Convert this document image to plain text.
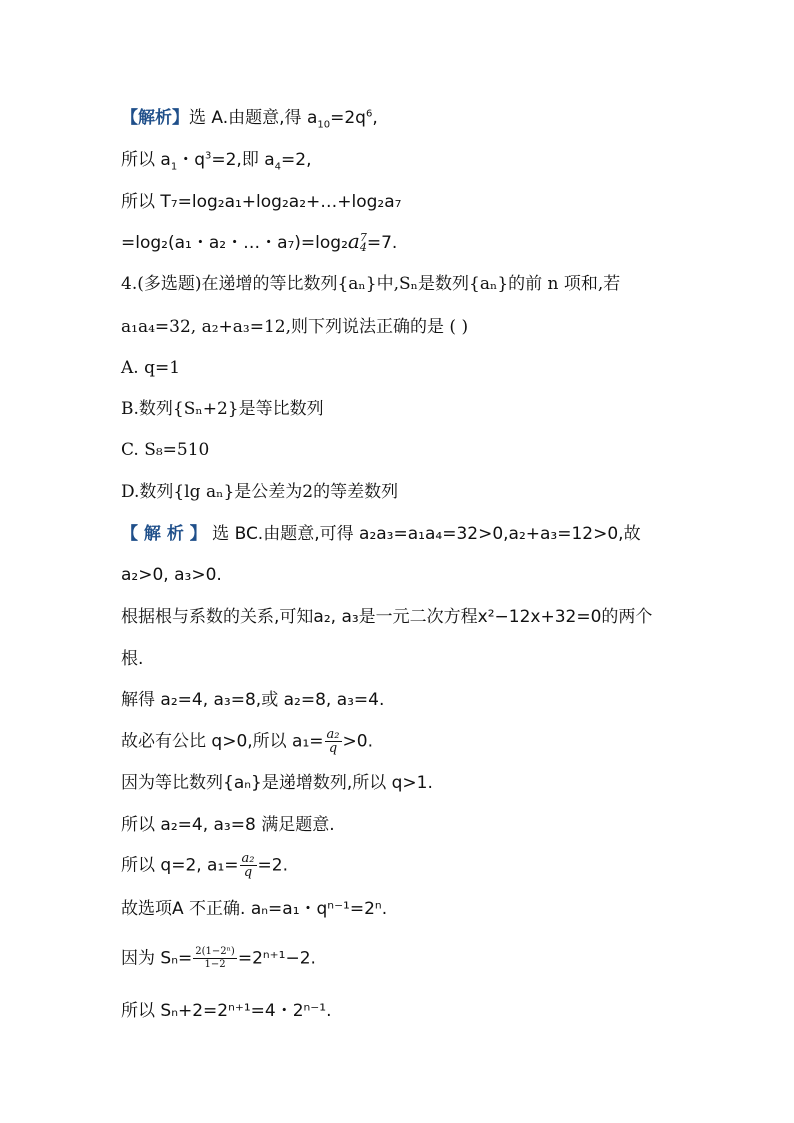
【解析】选 A.由题意,得 $a_{10}=2q^6$,
所以 $a_1$・$q^3=2$,即 $a_4=2$,
所以 T₇=log₂a₁+log₂a₂+…+log₂a₇
=log₂(a₁・a₂・…・a₇)=log₂a 7
4 =7.
4.(多选题)在递增的等比数列{aₙ}中,Sₙ是数列{aₙ}的前 n 项和,若
a₁a₄=32, a₂+a₃=12,则下列说法正确的是 ( )
A. q=1
B.数列{Sₙ+2}是等比数列
C. S₈=510
D.数列{lg aₙ}是公差为2的等差数列
【 解 析 】 选 BC.由题意,可得 a₂a₃=a₁a₄=32>0,a₂+a₃=12>0,故
a₂>0, a₃>0.
根据根与系数的关系,可知a₂, a₃是一元二次方程x²−12x+32=0的两个
根.
解得 a₂=4, a₃=8,或 a₂=8, a₃=4.
故必有公比 q>0,所以 $a_1= \frac{\text{a₂}}{q} >0$.
因为等比数列{aₙ}是递增数列,所以 q>1.
所以 a₂=4, a₃=8 满足题意.
所以 q=2, $a_1= \frac{\text{a₂}}{q} =2$.
故选项A 不正确. aₙ=a₁・qⁿ⁻¹=2ⁿ.
因为 $S_n= \frac{\text{2(1−2ⁿ)}}{1-2} =2^{n+1}-2$.
所以 Sₙ+2=2ⁿ⁺¹=4・2ⁿ⁻¹.
